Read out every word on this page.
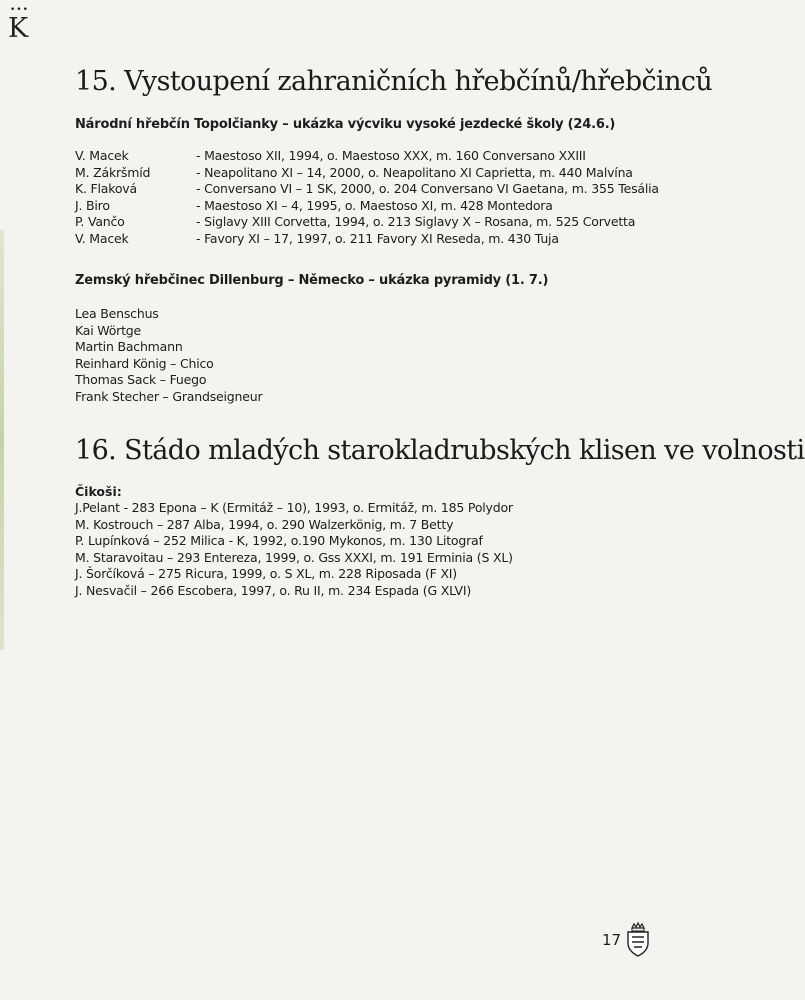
•••
K
15. Vystoupení zahraničních hřebčínů/hřebčinců
Národní hřebčín Topolčianky – ukázka výcviku vysoké jezdecké školy (24.6.)
V. Macek	- Maestoso XII, 1994, o. Maestoso XXX, m. 160 Conversano XXIII
M. Zákršmíd	- Neapolitano XI – 14, 2000, o. Neapolitano XI Caprietta, m. 440 Malvína
K. Flaková	- Conversano VI – 1 SK, 2000, o. 204 Conversano VI Gaetana, m. 355 Tesália
J. Biro	- Maestoso XI – 4, 1995, o. Maestoso XI, m. 428 Montedora
P. Vančo	- Siglavy XIII Corvetta, 1994, o. 213 Siglavy X – Rosana, m. 525 Corvetta
V. Macek	- Favory XI – 17, 1997, o. 211 Favory XI Reseda, m. 430 Tuja
Zemský hřebčinec Dillenburg – Německo – ukázka pyramidy (1. 7.)
Lea Benschus
Kai Wörtge
Martin Bachmann
Reinhard König – Chico
Thomas Sack – Fuego
Frank Stecher – Grandseigneur
16. Stádo mladých starokladrubských klisen ve volnosti
Čikoši:
J.Pelant - 283 Epona – K (Ermitáž – 10), 1993, o. Ermitáž, m. 185 Polydor
M. Kostrouch – 287 Alba, 1994, o. 290 Walzerkönig, m. 7 Betty
P. Lupínková – 252 Milica - K, 1992, o.190 Mykonos, m. 130 Litograf
M. Staravoitau – 293 Entereza, 1999, o. Gss XXXI, m. 191 Erminia (S XL)
J. Šorčíková – 275 Ricura, 1999, o. S XL, m. 228 Riposada (F XI)
J. Nesvačil – 266 Escobera, 1997, o. Ru II, m. 234 Espada (G XLVI)
17
